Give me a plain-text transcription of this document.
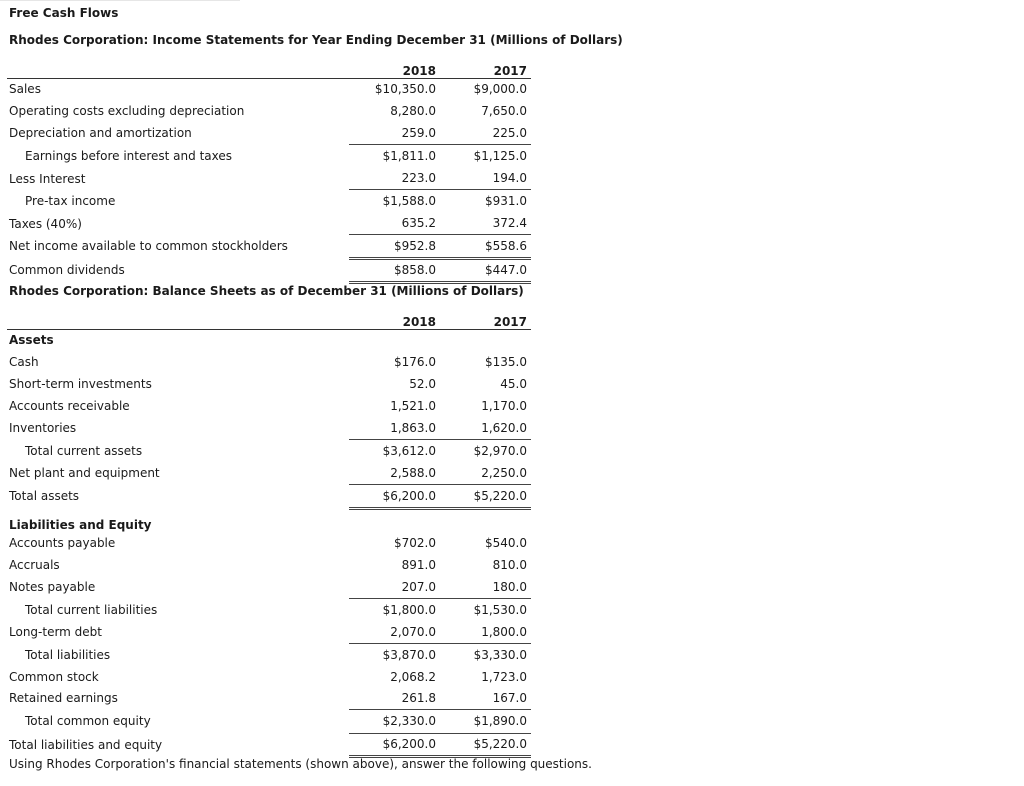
Free Cash Flows
Rhodes Corporation: Income Statements for Year Ending December 31 (Millions of Dollars)
	2018	2017
Sales	$10,350.0	$9,000.0
Operating costs excluding depreciation	8,280.0	7,650.0
Depreciation and amortization	259.0	225.0
Earnings before interest and taxes	$1,811.0	$1,125.0
Less Interest	223.0	194.0
Pre-tax income	$1,588.0	$931.0
Taxes (40%)	635.2	372.4
Net income available to common stockholders	$952.8	$558.6
Common dividends	$858.0	$447.0
Rhodes Corporation: Balance Sheets as of December 31 (Millions of Dollars)
	2018	2017
Assets		
Cash	$176.0	$135.0
Short-term investments	52.0	45.0
Accounts receivable	1,521.0	1,170.0
Inventories	1,863.0	1,620.0
Total current assets	$3,612.0	$2,970.0
Net plant and equipment	2,588.0	2,250.0
Total assets	$6,200.0	$5,220.0
Liabilities and Equity		
Accounts payable	$702.0	$540.0
Accruals	891.0	810.0
Notes payable	207.0	180.0
Total current liabilities	$1,800.0	$1,530.0
Long-term debt	2,070.0	1,800.0
Total liabilities	$3,870.0	$3,330.0
Common stock	2,068.2	1,723.0
Retained earnings	261.8	167.0
Total common equity	$2,330.0	$1,890.0
Total liabilities and equity	$6,200.0	$5,220.0
Using Rhodes Corporation's financial statements (shown above), answer the following questions.
